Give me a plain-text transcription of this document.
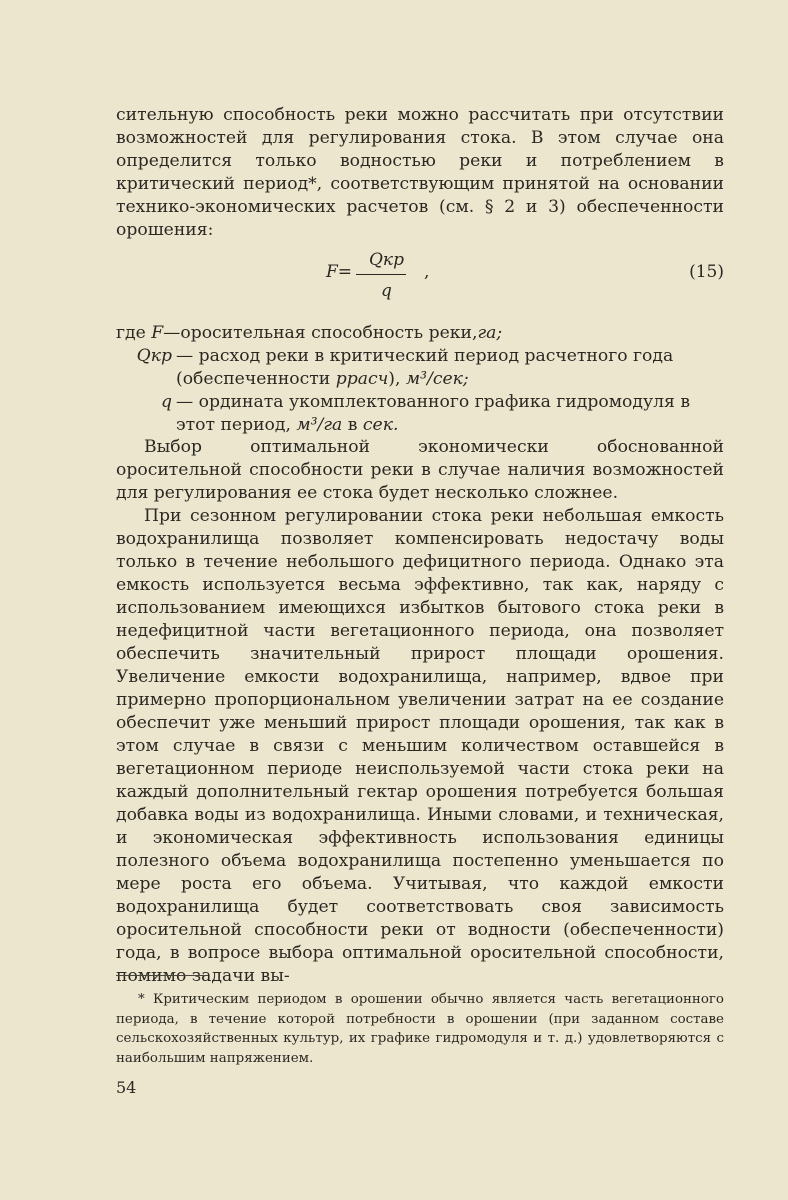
сительную способность реки можно рассчитать при отсутствии возможностей для регулирования стока. В этом случае она определится только водностью реки и потреблением в критический период*, соответствующим принятой на основании технико-экономических расчетов (см. § 2 и 3) обеспеченности орошения:

F=
Qкр
q
,	(15)
где
F — оросительная способность реки, га;
Qкр — расход реки в критический период расчетного года (обеспеченности pрасч), м³/сек;
q — ордината укомплектованного графика гидромодуля в этот период, м³/га в сек.

Выбор оптимальной экономически обоснованной оросительной способности реки в случае наличия возможностей для регулирования ее стока будет несколько сложнее.

При сезонном регулировании стока реки небольшая емкость водохранилища позволяет компенсировать недостачу воды только в течение небольшого дефицитного периода. Однако эта емкость используется весьма эффективно, так как, наряду с использованием имеющихся избытков бытового стока реки в недефицитной части вегетационного периода, она позволяет обеспечить значительный прирост площади орошения. Увеличение емкости водохранилища, например, вдвое при примерно пропорциональном увеличении затрат на ее создание обеспечит уже меньший прирост площади орошения, так как в этом случае в связи с меньшим количеством оставшейся в вегетационном периоде неиспользуемой части стока реки на каждый дополнительный гектар орошения потребуется большая добавка воды из водохранилища. Иными словами, и техническая, и экономическая эффективность использования единицы полезного объема водохранилища постепенно уменьшается по мере роста его объема. Учитывая, что каждой емкости водохранилища будет соответствовать своя зависимость оросительной способности реки от водности (обеспеченности) года, в вопросе выбора оптимальной оросительной способности, помимо задачи вы-

* Критическим периодом в орошении обычно является часть вегетационного периода, в течение которой потребности в орошении (при заданном составе сельскохозяйственных культур, их графике гидромодуля и т. д.) удовлетворяются с наибольшим напряжением.

54
